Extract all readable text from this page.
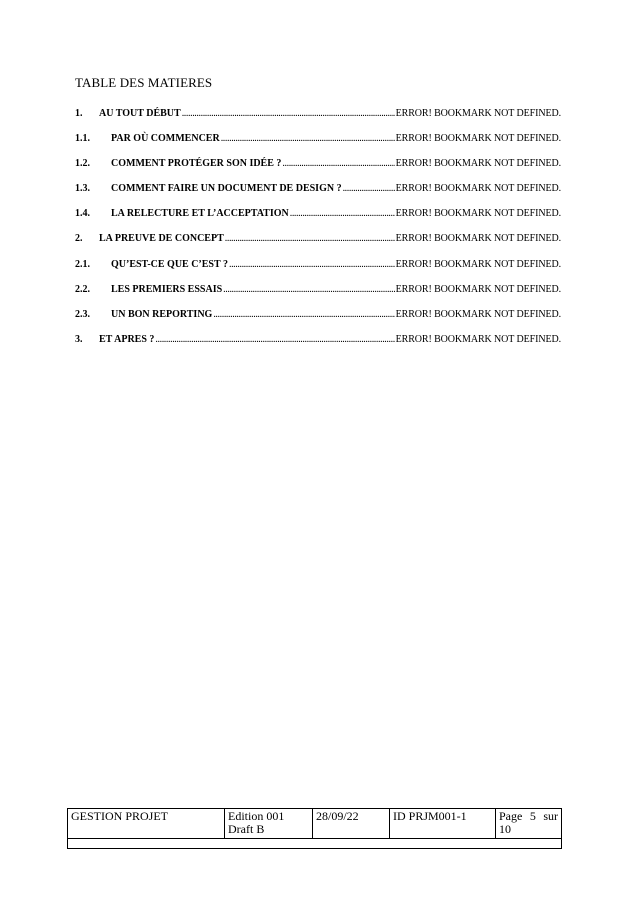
TABLE DES MATIERES
1.	AU TOUT DÉBUT .....	ERROR! BOOKMARK NOT DEFINED.
1.1.	PAR OÙ COMMENCER .....	ERROR! BOOKMARK NOT DEFINED.
1.2.	COMMENT PROTÉGER SON IDÉE ? .....	ERROR! BOOKMARK NOT DEFINED.
1.3.	COMMENT FAIRE UN DOCUMENT DE DESIGN ? .....	ERROR! BOOKMARK NOT DEFINED.
1.4.	LA RELECTURE ET L’ACCEPTATION .....	ERROR! BOOKMARK NOT DEFINED.
2.	LA PREUVE DE CONCEPT .....	ERROR! BOOKMARK NOT DEFINED.
2.1.	QU’EST-CE QUE C’EST ? .....	ERROR! BOOKMARK NOT DEFINED.
2.2.	LES PREMIERS ESSAIS .....	ERROR! BOOKMARK NOT DEFINED.
2.3.	UN BON REPORTING .....	ERROR! BOOKMARK NOT DEFINED.
3.	ET APRES ? .....	ERROR! BOOKMARK NOT DEFINED.
GESTION PROJET	Edition 001 Draft B	28/09/22	ID PRJM001-1	Page 5 sur 10
